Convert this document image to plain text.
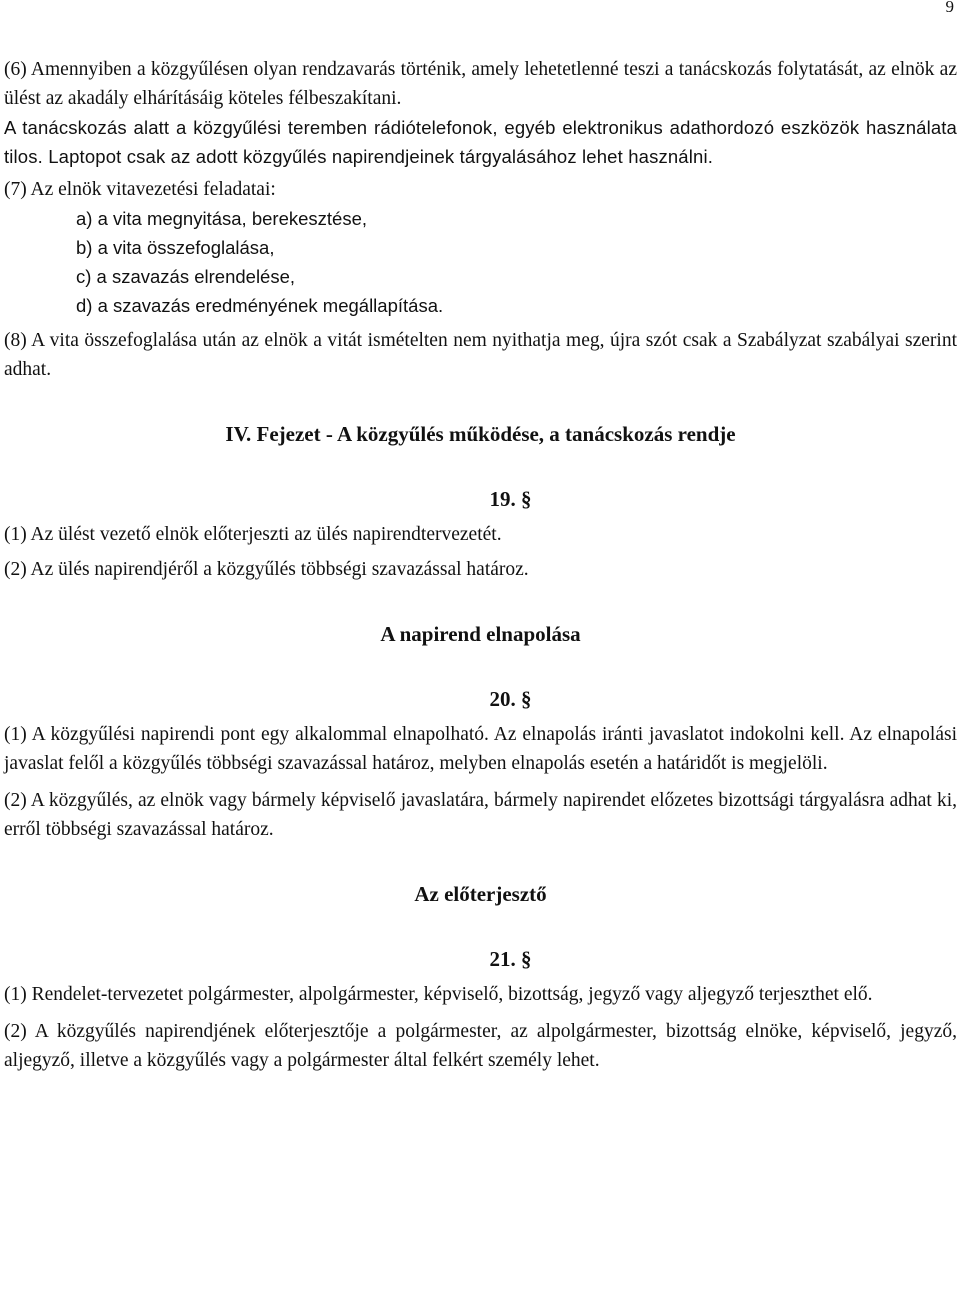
9

(6) Amennyiben a közgyűlésen olyan rendzavarás történik, amely lehetetlenné teszi a tanácskozás folytatását, az elnök az ülést az akadály elhárításáig köteles félbeszakítani.

A tanácskozás alatt a közgyűlési teremben rádiótelefonok, egyéb elektronikus adathordozó eszközök használata tilos. Laptopot csak az adott közgyűlés napirendjeinek tárgyalásához lehet használni.

(7) Az elnök vitavezetési feladatai:

a) a vita megnyitása, berekesztése,
b) a vita összefoglalása,
c) a szavazás elrendelése,
d) a szavazás eredményének megállapítása.

(8) A vita összefoglalása után az elnök a vitát ismételten nem nyithatja meg, újra szót csak a Szabályzat szabályai szerint adhat.

IV. Fejezet - A közgyűlés működése, a tanácskozás rendje
19. §

(1) Az ülést vezető elnök előterjeszti az ülés napirendtervezetét.

(2) Az ülés napirendjéről a közgyűlés többségi szavazással határoz.

A napirend elnapolása
20. §

(1) A közgyűlési napirendi pont egy alkalommal elnapolható. Az elnapolás iránti javaslatot indokolni kell. Az elnapolási javaslat felől a közgyűlés többségi szavazással határoz, melyben elnapolás esetén a határidőt is megjelöli.

(2) A közgyűlés, az elnök vagy bármely képviselő javaslatára, bármely napirendet előzetes bizottsági tárgyalásra adhat ki, erről többségi szavazással határoz.

Az előterjesztő
21. §

(1) Rendelet-tervezetet polgármester, alpolgármester, képviselő, bizottság, jegyző vagy aljegyző terjeszthet elő.

(2) A közgyűlés napirendjének előterjesztője a polgármester, az alpolgármester, bizottság elnöke, képviselő, jegyző, aljegyző, illetve a közgyűlés vagy a polgármester által felkért személy lehet.
